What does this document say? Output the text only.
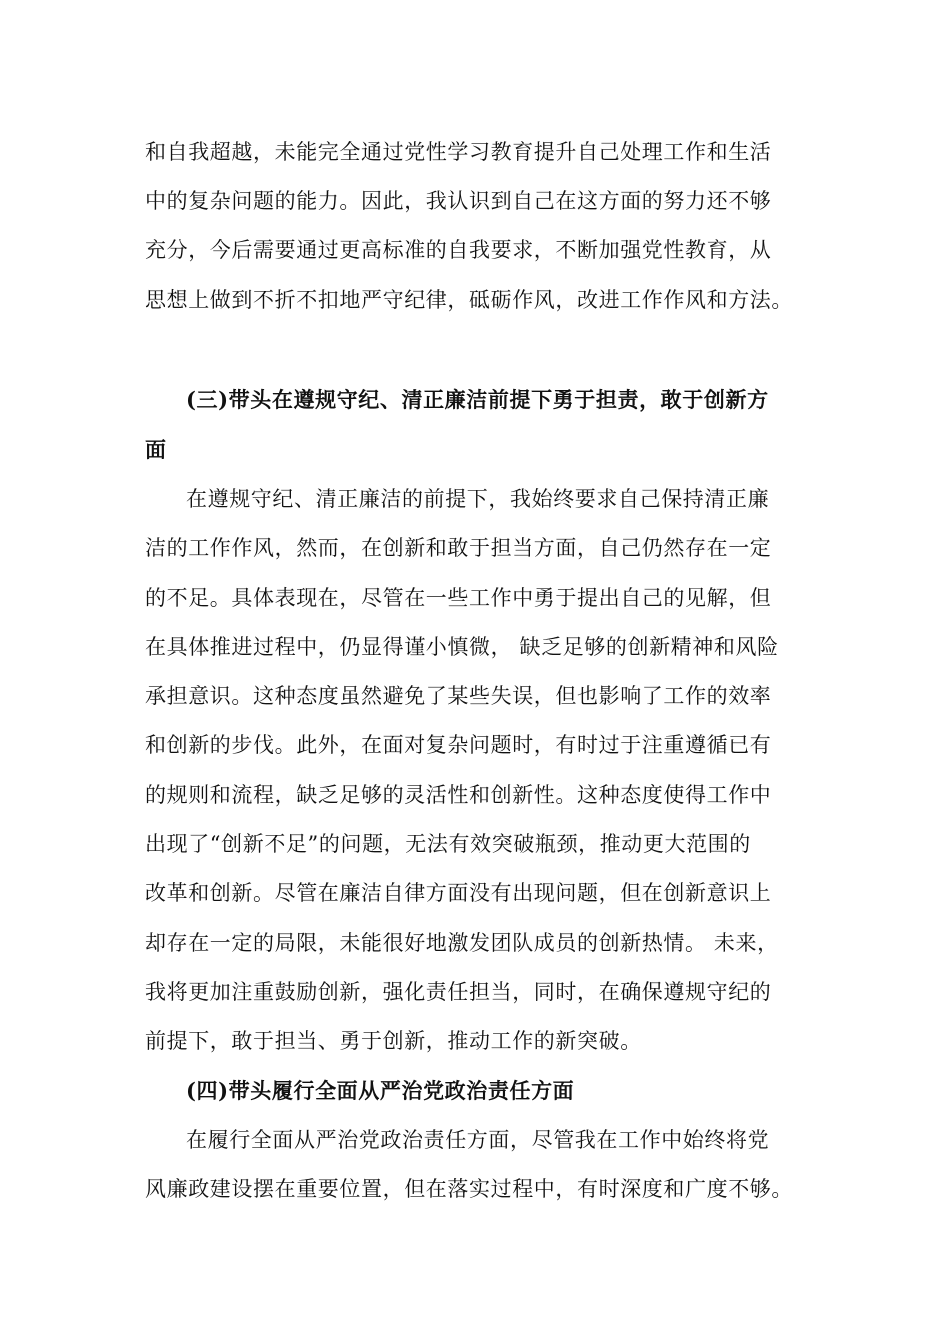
和自我超越，未能完全通过党性学习教育提升自己处理工作和生活
中的复杂问题的能力。因此，我认识到自己在这方面的努力还不够
充分，今后需要通过更高标准的自我要求，不断加强党性教育，从
思想上做到不折不扣地严守纪律，砥砺作风，改进工作作风和方法。
(三)带头在遵规守纪、清正廉洁前提下勇于担责，敢于创新方
面
在遵规守纪、清正廉洁的前提下，我始终要求自己保持清正廉
洁的工作作风，然而，在创新和敢于担当方面，自己仍然存在一定
的不足。具体表现在，尽管在一些工作中勇于提出自己的见解，但
在具体推进过程中，仍显得谨小慎微， 缺乏足够的创新精神和风险
承担意识。这种态度虽然避免了某些失误，但也影响了工作的效率
和创新的步伐。此外，在面对复杂问题时，有时过于注重遵循已有
的规则和流程，缺乏足够的灵活性和创新性。这种态度使得工作中
出现了“创新不足”的问题，无法有效突破瓶颈，推动更大范围的
改革和创新。尽管在廉洁自律方面没有出现问题，但在创新意识上
却存在一定的局限，未能很好地激发团队成员的创新热情。 未来，
我将更加注重鼓励创新，强化责任担当，同时，在确保遵规守纪的
前提下，敢于担当、勇于创新，推动工作的新突破。
(四)带头履行全面从严治党政治责任方面
在履行全面从严治党政治责任方面，尽管我在工作中始终将党
风廉政建设摆在重要位置，但在落实过程中，有时深度和广度不够。
